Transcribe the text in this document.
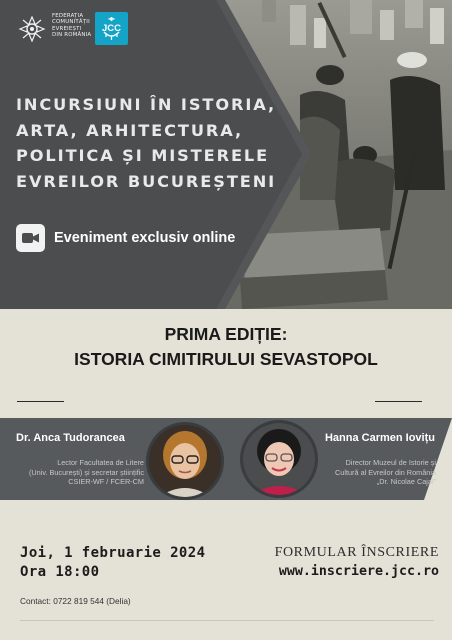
FEDERAȚIA
COMUNITĂȚII
EVREIEȘTI
DIN ROMÂNIA
JCC
INCURSIUNI ÎN ISTORIA,
ARTA, ARHITECTURA,
POLITICA ȘI MISTERELE
EVREILOR BUCUREȘTENI
Eveniment exclusiv online
PRIMA EDIȚIE:
ISTORIA CIMITIRULUI SEVASTOPOL
Dr. Anca Tudorancea
Lector Facultatea de Litere
(Univ. București) și secretar științific
CSIER-WF / FCER-CM
Hanna Carmen Iovițu
Director Muzeul de Istorie și
Cultură al Evreilor din România
„Dr. Nicolae Cajal”
Joi, 1 februarie 2024
Ora 18:00
FORMULAR ÎNSCRIERE
www.inscriere.jcc.ro
Contact: 0722 819 544 (Delia)
